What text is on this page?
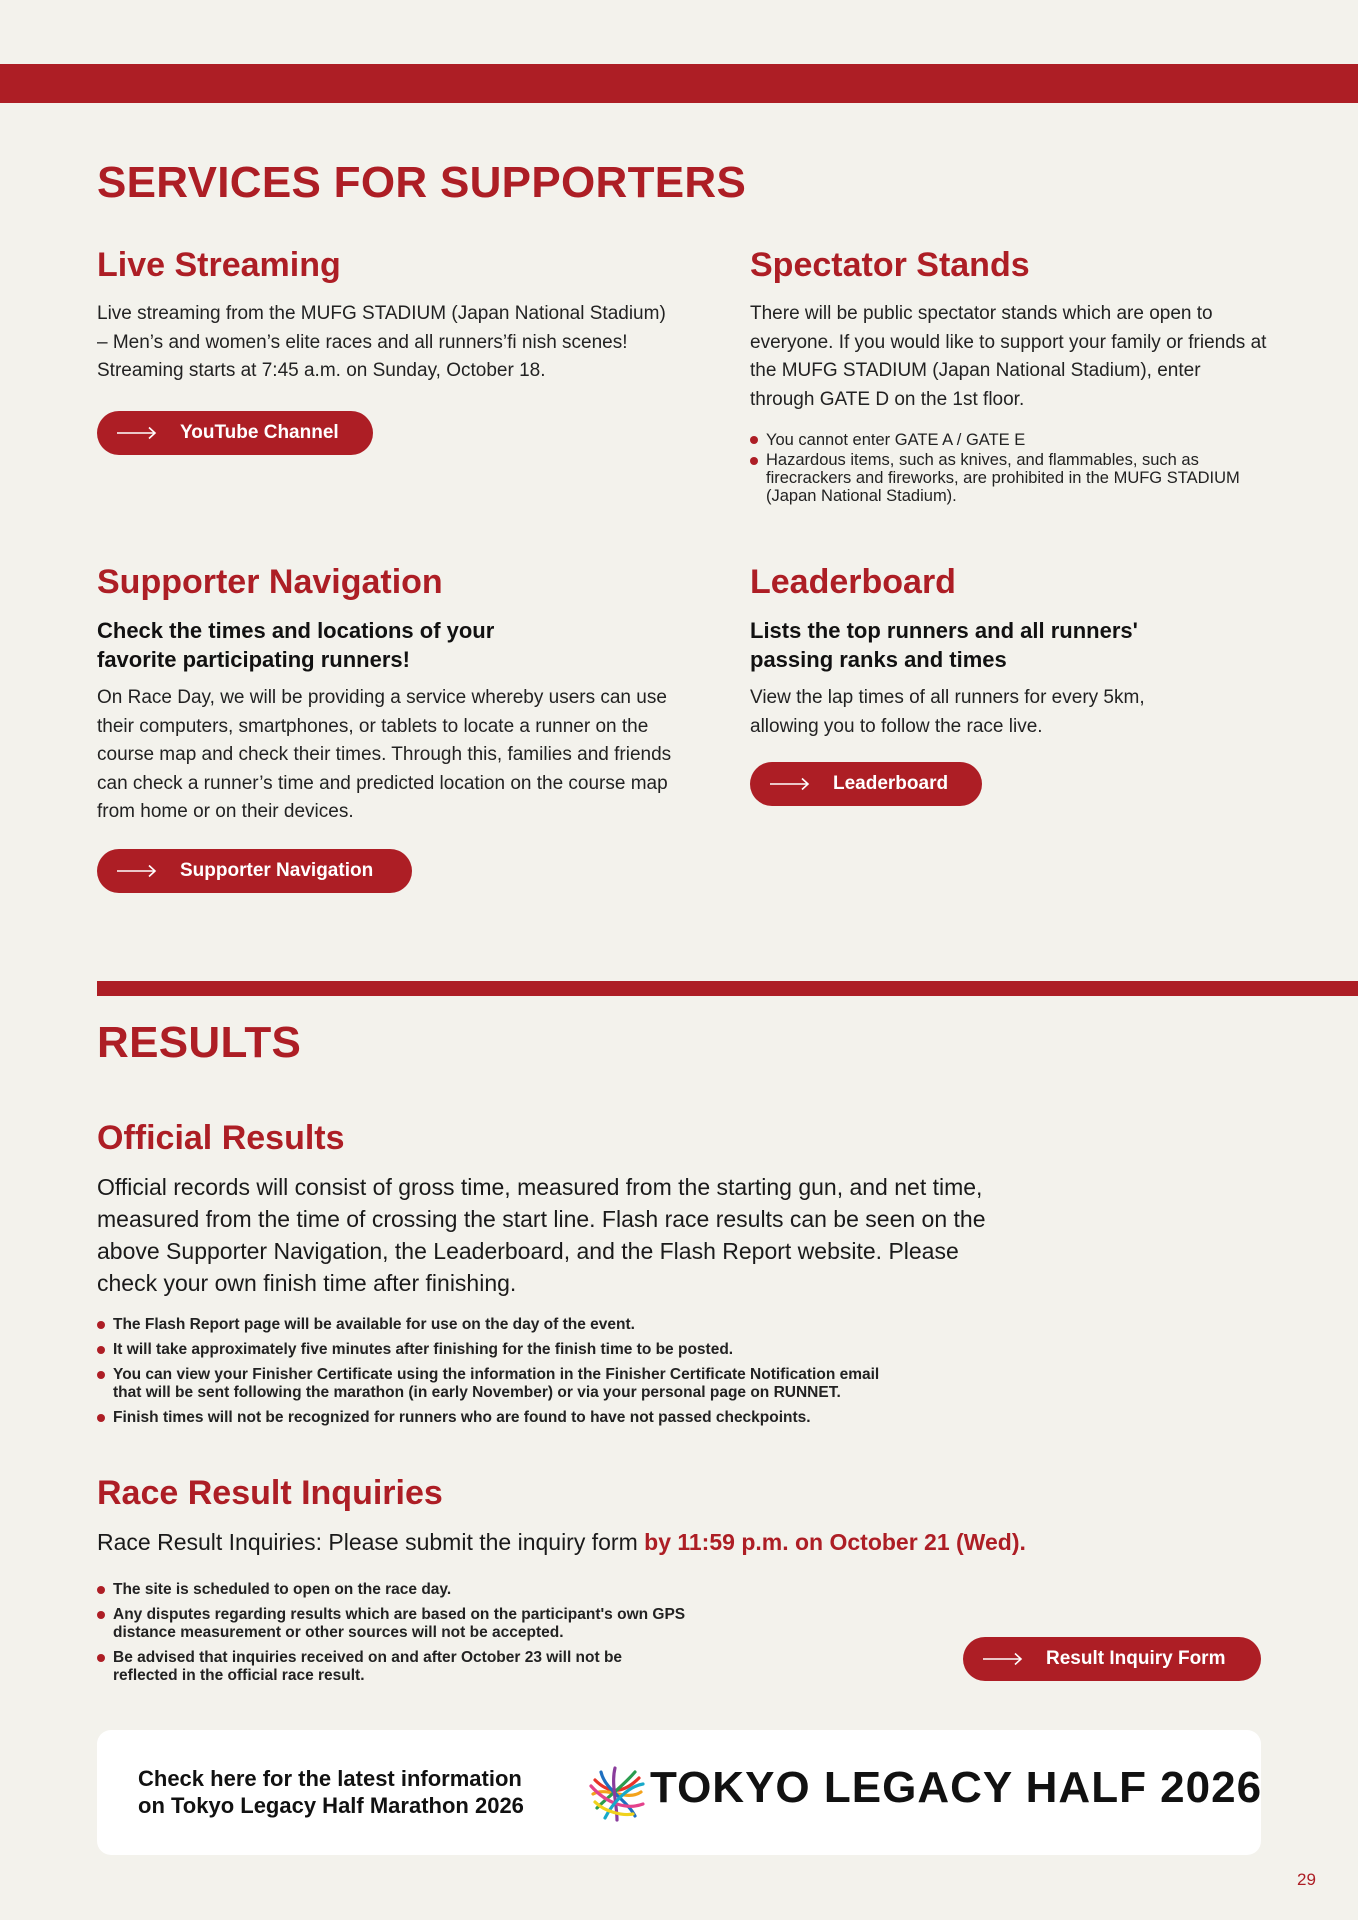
SERVICES FOR SUPPORTERS
Live Streaming
Live streaming from the MUFG STADIUM (Japan National Stadium) – Men’s and women’s elite races and all runners’fi nish scenes! Streaming starts at 7:45 a.m. on Sunday, October 18.
YouTube Channel
Spectator Stands
There will be public spectator stands which are open to everyone. If you would like to support your family or friends at the MUFG STADIUM (Japan National Stadium), enter through GATE D on the 1st floor.
You cannot enter GATE A / GATE E
Hazardous items, such as knives, and flammables, such as firecrackers and fireworks, are prohibited in the MUFG STADIUM (Japan National Stadium).
Supporter Navigation
Check the times and locations of your favorite participating runners!
On Race Day, we will be providing a service whereby users can use their computers, smartphones, or tablets to locate a runner on the course map and check their times. Through this, families and friends can check a runner’s time and predicted location on the course map from home or on their devices.
Supporter Navigation
Leaderboard
Lists the top runners and all runners' passing ranks and times
View the lap times of all runners for every 5km, allowing you to follow the race live.
Leaderboard
RESULTS
Official Results
Official records will consist of gross time, measured from the starting gun, and net time, measured from the time of crossing the start line. Flash race results can be seen on the above Supporter Navigation, the Leaderboard, and the Flash Report website. Please check your own finish time after finishing.
The Flash Report page will be available for use on the day of the event.
It will take approximately five minutes after finishing for the finish time to be posted.
You can view your Finisher Certificate using the information in the Finisher Certificate Notification email that will be sent following the marathon (in early November) or via your personal page on RUNNET.
Finish times will not be recognized for runners who are found to have not passed checkpoints.
Race Result Inquiries
Race Result Inquiries: Please submit the inquiry form by 11:59 p.m. on October 21 (Wed).
The site is scheduled to open on the race day.
Any disputes regarding results which are based on the participant's own GPS distance measurement or other sources will not be accepted.
Be advised that inquiries received on and after October 23 will not be reflected in the official race result.
Result Inquiry Form
Check here for the latest information on Tokyo Legacy Half Marathon 2026	TOKYO LEGACY HALF 2026
29
